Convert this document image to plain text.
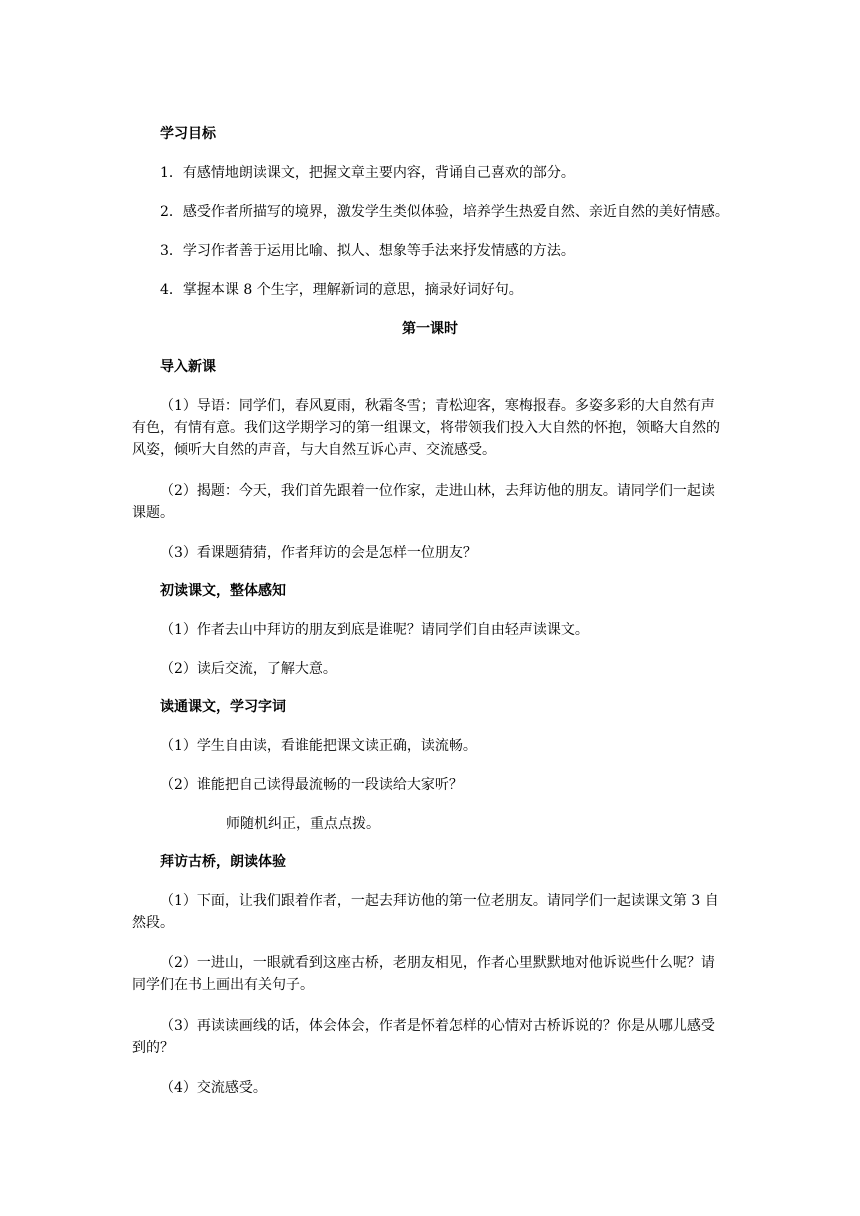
学习目标
1．有感情地朗读课文，把握文章主要内容，背诵自己喜欢的部分。
2．感受作者所描写的境界，激发学生类似体验，培养学生热爱自然、亲近自然的美好情感。
3．学习作者善于运用比喻、拟人、想象等手法来抒发情感的方法。
4．掌握本课 8 个生字，理解新词的意思，摘录好词好句。
第一课时
导入新课
（1）导语：同学们，春风夏雨，秋霜冬雪；青松迎客，寒梅报春。多姿多彩的大自然有声
有色，有情有意。我们这学期学习的第一组课文，将带领我们投入大自然的怀抱，领略大自然的
风姿，倾听大自然的声音，与大自然互诉心声、交流感受。
（2）揭题：今天，我们首先跟着一位作家，走进山林，去拜访他的朋友。请同学们一起读
课题。
（3）看课题猜猜，作者拜访的会是怎样一位朋友？
初读课文，整体感知
（1）作者去山中拜访的朋友到底是谁呢？请同学们自由轻声读课文。
（2）读后交流，了解大意。
读通课文，学习字词
（1）学生自由读，看谁能把课文读正确，读流畅。
（2）谁能把自己读得最流畅的一段读给大家听？
师随机纠正，重点点拨。
拜访古桥，朗读体验
（1）下面，让我们跟着作者，一起去拜访他的第一位老朋友。请同学们一起读课文第 3 自
然段。
（2）一进山，一眼就看到这座古桥，老朋友相见，作者心里默默地对他诉说些什么呢？请
同学们在书上画出有关句子。
（3）再读读画线的话，体会体会，作者是怀着怎样的心情对古桥诉说的？你是从哪儿感受
到的？
（4）交流感受。
